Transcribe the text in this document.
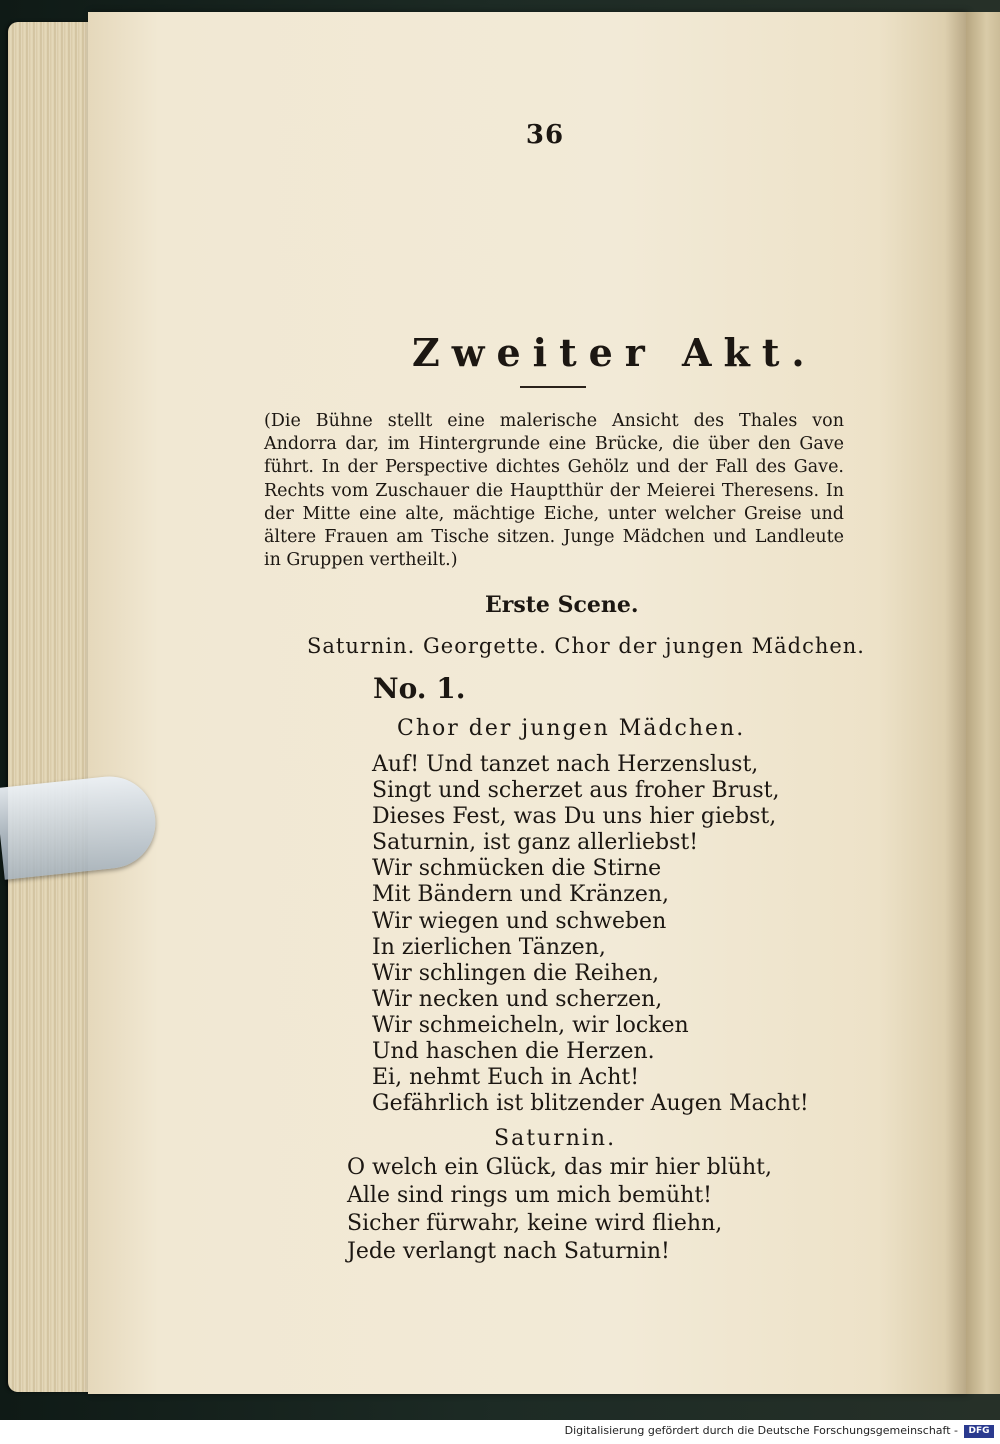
36
Zweiter Akt.

(Die Bühne stellt eine malerische Ansicht des Thales von Andorra dar, im Hintergrunde eine Brücke, die über den Gave führt. In der Perspective dichtes Gehölz und der Fall des Gave. Rechts vom Zuschauer die Hauptthür der Meierei Theresens. In der Mitte eine alte, mächtige Eiche, unter welcher Greise und ältere Frauen am Tische sitzen. Junge Mädchen und Landleute in Gruppen vertheilt.)

Erste Scene.
Saturnin. Georgette. Chor der jungen Mädchen.
No. 1.
Chor der jungen Mädchen.
Auf! Und tanzet nach Herzenslust,
Singt und scherzet aus froher Brust,
Dieses Fest, was Du uns hier giebst,
Saturnin, ist ganz allerliebst!
Wir schmücken die Stirne
Mit Bändern und Kränzen,
Wir wiegen und schweben
In zierlichen Tänzen,
Wir schlingen die Reihen,
Wir necken und scherzen,
Wir schmeicheln, wir locken
Und haschen die Herzen.
Ei, nehmt Euch in Acht!
Gefährlich ist blitzender Augen Macht!
Saturnin.
O welch ein Glück, das mir hier blüht,
Alle sind rings um mich bemüht!
Sicher fürwahr, keine wird fliehn,
Jede verlangt nach Saturnin!
Digitalisierung gefördert durch die Deutsche Forschungsgemeinschaft -	DFG
